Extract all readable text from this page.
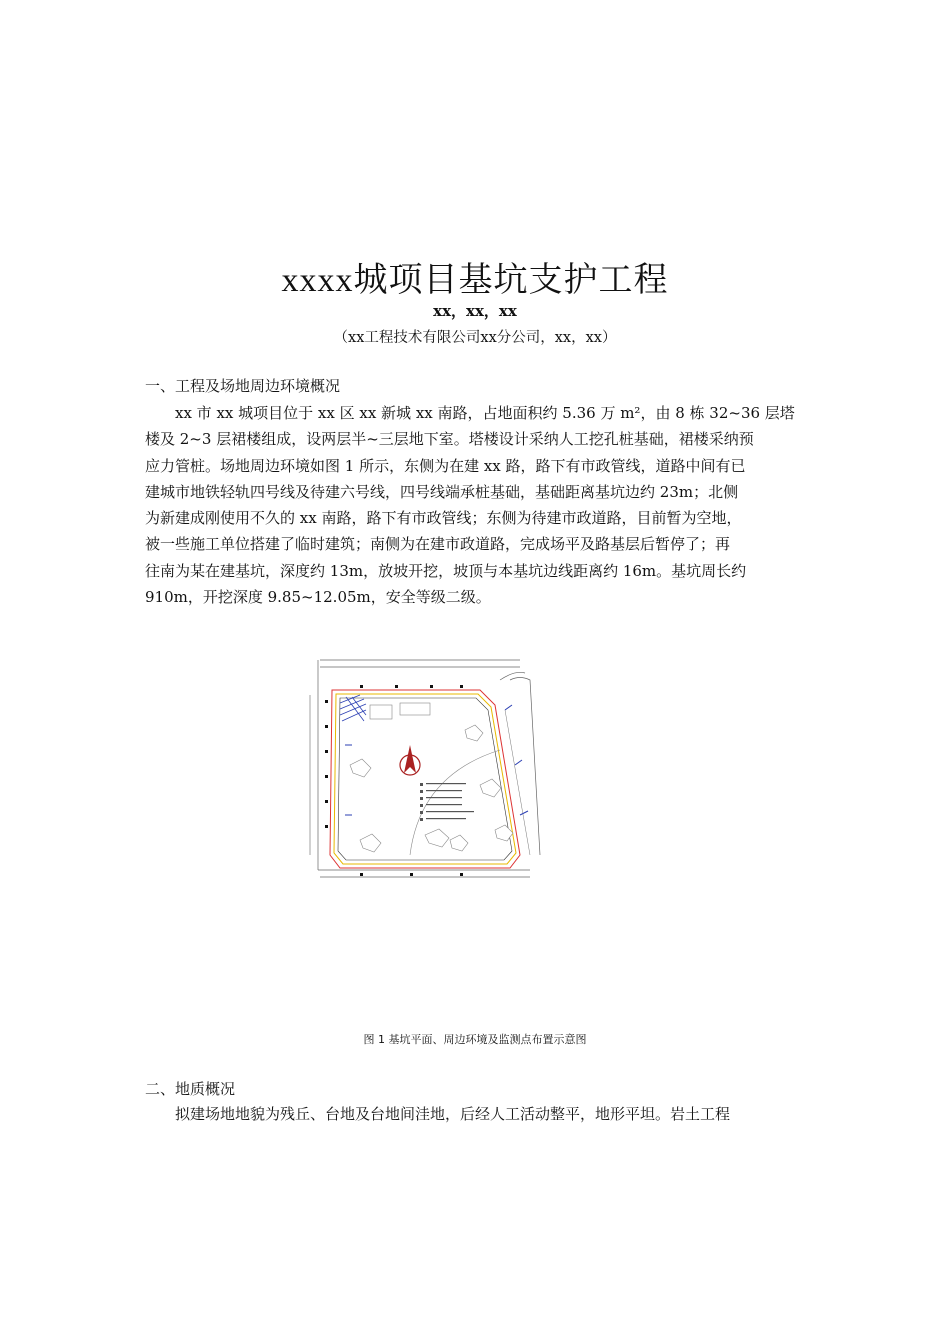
xxxx城项目基坑支护工程
xx，xx，xx
（xx工程技术有限公司xx分公司，xx，xx）
一、工程及场地周边环境概况
xx 市 xx 城项目位于 xx 区 xx 新城 xx 南路，占地面积约 5.36 万 m²，由 8 栋 32~36 层塔
楼及 2~3 层裙楼组成，设两层半~三层地下室。塔楼设计采纳人工挖孔桩基础，裙楼采纳预
应力管桩。场地周边环境如图 1 所示，东侧为在建 xx 路，路下有市政管线，道路中间有已
建城市地铁轻轨四号线及待建六号线，四号线端承桩基础，基础距离基坑边约 23m；北侧
为新建成刚使用不久的 xx 南路，路下有市政管线；东侧为待建市政道路，目前暂为空地，
被一些施工单位搭建了临时建筑；南侧为在建市政道路，完成场平及路基层后暂停了；再
往南为某在建基坑，深度约 13m，放坡开挖，坡顶与本基坑边线距离约 16m。基坑周长约
910m，开挖深度 9.85~12.05m，安全等级二级。
图 1 基坑平面、周边环境及监测点布置示意图
二、地质概况
拟建场地地貌为残丘、台地及台地间洼地，后经人工活动整平，地形平坦。岩土工程
